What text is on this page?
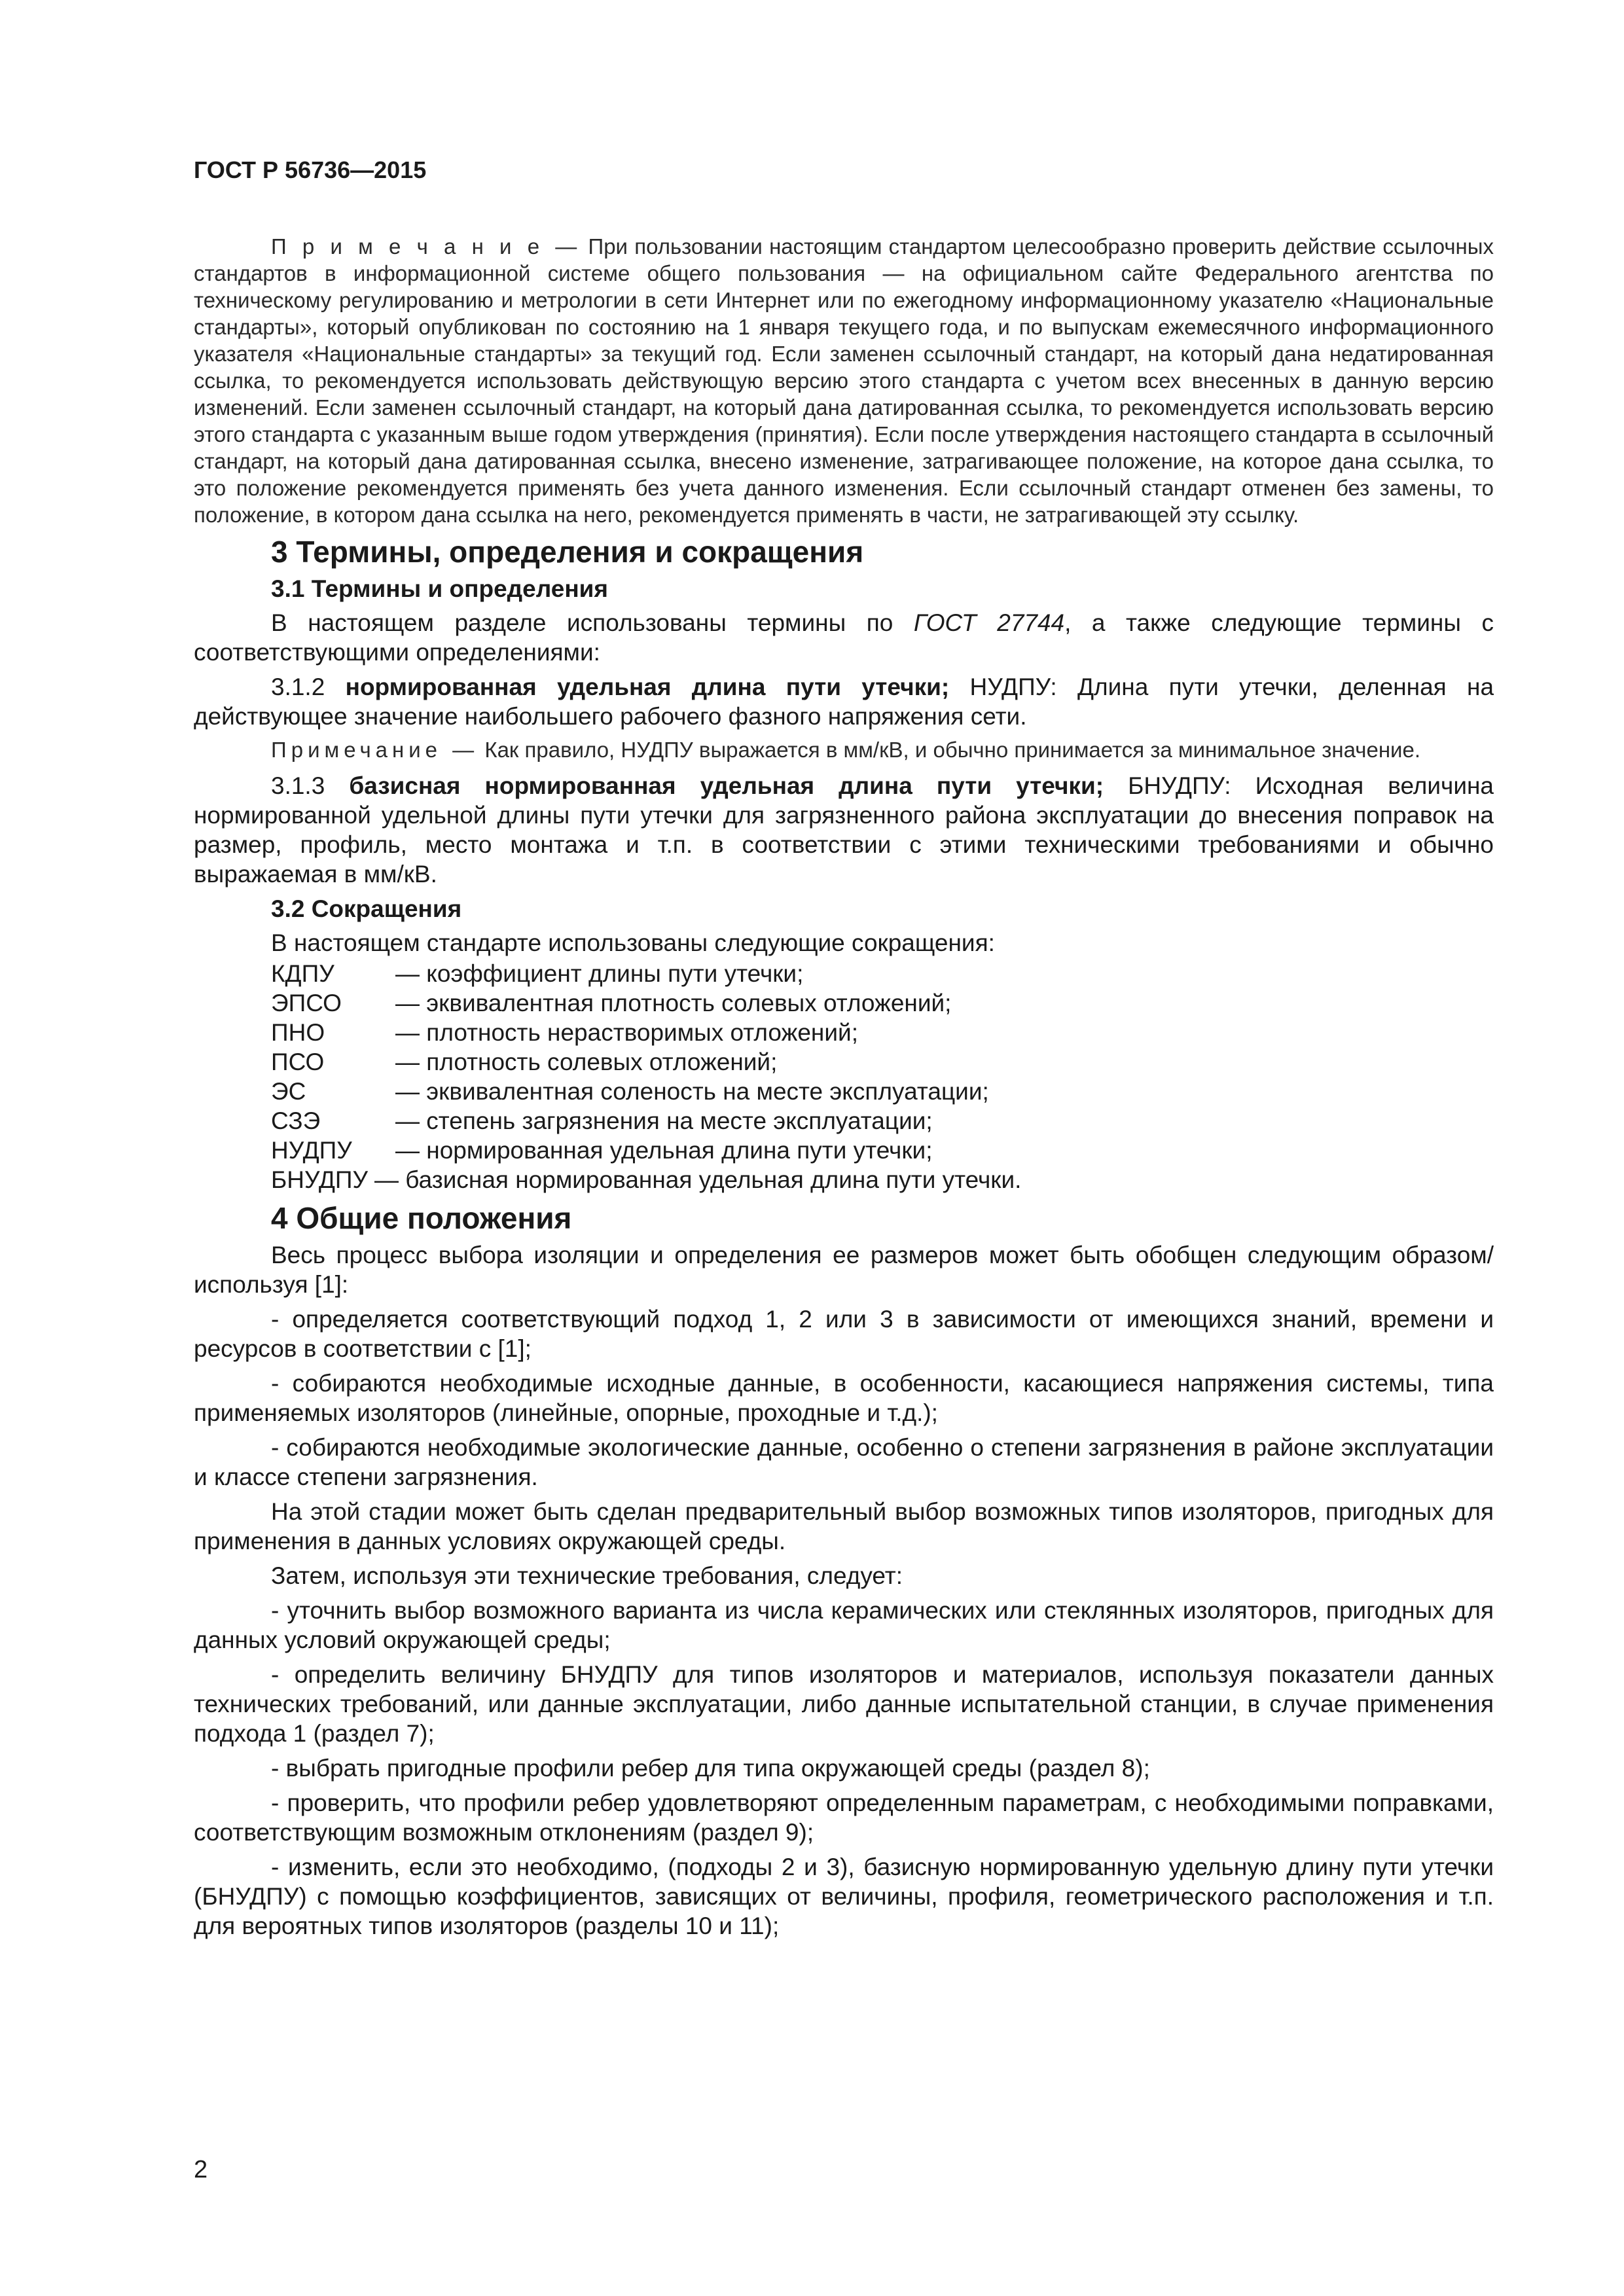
ГОСТ Р 56736—2015

П р и м е ч а н и е — При пользовании настоящим стандартом целесообразно проверить действие ссылочных стандартов в информационной системе общего пользования — на официальном сайте Федерального агентства по техническому регулированию и метрологии в сети Интернет или по ежегодному информационному указателю «Национальные стандарты», который опубликован по состоянию на 1 января текущего года, и по выпускам ежемесячного информационного указателя «Национальные стандарты» за текущий год. Если заменен ссылочный стандарт, на который дана недатированная ссылка, то рекомендуется использовать действующую версию этого стандарта с учетом всех внесенных в данную версию изменений. Если заменен ссылочный стандарт, на который дана датированная ссылка, то рекомендуется использовать версию этого стандарта с указанным выше годом утверждения (принятия). Если после утверждения настоящего стандарта в ссылочный стандарт, на который дана датированная ссылка, внесено изменение, затрагивающее положение, на которое дана ссылка, то это положение рекомендуется применять без учета данного изменения. Если ссылочный стандарт отменен без замены, то положение, в котором дана ссылка на него, рекомендуется применять в части, не затрагивающей эту ссылку.

3 Термины, определения и сокращения
3.1 Термины и определения

В настоящем разделе использованы термины по ГОСТ 27744, а также следующие термины с соответствующими определениями:

3.1.2 нормированная удельная длина пути утечки; НУДПУ: Длина пути утечки, деленная на действующее значение наибольшего рабочего фазного напряжения сети.

Примечание — Как правило, НУДПУ выражается в мм/кВ, и обычно принимается за минимальное значение.

3.1.3 базисная нормированная удельная длина пути утечки; БНУДПУ: Исходная величина нормированной удельной длины пути утечки для загрязненного района эксплуатации до внесения поправок на размер, профиль, место монтажа и т.п. в соответствии с этими техническими требованиями и обычно выражаемая в мм/кВ.

3.2 Сокращения
В настоящем стандарте использованы следующие сокращения:
КДПУ	— коэффициент длины пути утечки;
ЭПСО	— эквивалентная плотность солевых отложений;
ПНО	— плотность нерастворимых отложений;
ПСО	— плотность солевых отложений;
ЭС	— эквивалентная соленость на месте эксплуатации;
СЗЭ	— степень загрязнения на месте эксплуатации;
НУДПУ	— нормированная удельная длина пути утечки;
БНУДПУ — базисная нормированная удельная длина пути утечки.
4 Общие положения

Весь процесс выбора изоляции и определения ее размеров может быть обобщен следующим образом/ используя [1]:

- определяется соответствующий подход 1, 2 или 3 в зависимости от имеющихся знаний, времени и ресурсов в соответствии с [1];

- собираются необходимые исходные данные, в особенности, касающиеся напряжения системы, типа применяемых изоляторов (линейные, опорные, проходные и т.д.);

- собираются необходимые экологические данные, особенно о степени загрязнения в районе эксплуатации и классе степени загрязнения.

На этой стадии может быть сделан предварительный выбор возможных типов изоляторов, пригодных для применения в данных условиях окружающей среды.

Затем, используя эти технические требования, следует:

- уточнить выбор возможного варианта из числа керамических или стеклянных изоляторов, пригодных для данных условий окружающей среды;

- определить величину БНУДПУ для типов изоляторов и материалов, используя показатели данных технических требований, или данные эксплуатации, либо данные испытательной станции, в случае применения подхода 1 (раздел 7);

- выбрать пригодные профили ребер для типа окружающей среды (раздел 8);

- проверить, что профили ребер удовлетворяют определенным параметрам, с необходимыми поправками, соответствующим возможным отклонениям (раздел 9);

- изменить, если это необходимо, (подходы 2 и 3), базисную нормированную удельную длину пути утечки (БНУДПУ) с помощью коэффициентов, зависящих от величины, профиля, геометрического расположения и т.п. для вероятных типов изоляторов (разделы 10 и 11);

2
